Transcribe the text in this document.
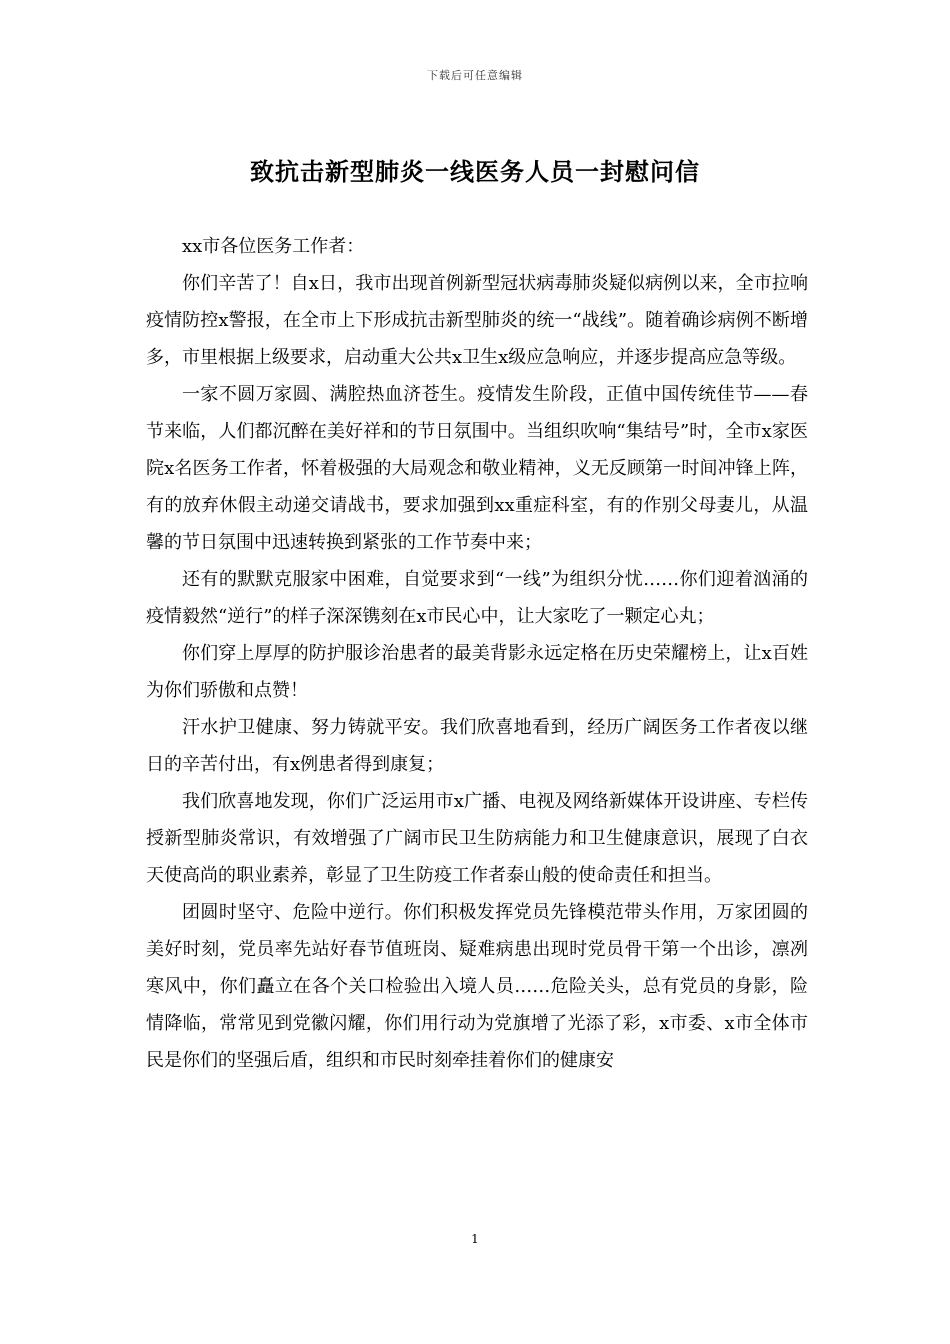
下载后可任意编辑
致抗击新型肺炎一线医务人员一封慰问信

xx市各位医务工作者：

你们辛苦了！自x日，我市出现首例新型冠状病毒肺炎疑似病例以来，全市拉响疫情防控x警报，在全市上下形成抗击新型肺炎的统一“战线”。随着确诊病例不断增多，市里根据上级要求，启动重大公共x卫生x级应急响应，并逐步提高应急等级。

一家不圆万家圆、满腔热血济苍生。疫情发生阶段，正值中国传统佳节——春节来临，人们都沉醉在美好祥和的节日氛围中。当组织吹响“集结号”时，全市x家医院x名医务工作者，怀着极强的大局观念和敬业精神，义无反顾第一时间冲锋上阵，有的放弃休假主动递交请战书，要求加强到xx重症科室，有的作别父母妻儿，从温馨的节日氛围中迅速转换到紧张的工作节奏中来；

还有的默默克服家中困难，自觉要求到“一线”为组织分忧……你们迎着汹涌的疫情毅然“逆行”的样子深深镌刻在x市民心中，让大家吃了一颗定心丸；

你们穿上厚厚的防护服诊治患者的最美背影永远定格在历史荣耀榜上，让x百姓为你们骄傲和点赞！

汗水护卫健康、努力铸就平安。我们欣喜地看到，经历广阔医务工作者夜以继日的辛苦付出，有x例患者得到康复；

我们欣喜地发现，你们广泛运用市x广播、电视及网络新媒体开设讲座、专栏传授新型肺炎常识，有效增强了广阔市民卫生防病能力和卫生健康意识，展现了白衣天使高尚的职业素养，彰显了卫生防疫工作者泰山般的使命责任和担当。

团圆时坚守、危险中逆行。你们积极发挥党员先锋模范带头作用，万家团圆的美好时刻，党员率先站好春节值班岗、疑难病患出现时党员骨干第一个出诊，凛冽寒风中，你们矗立在各个关口检验出入境人员……危险关头，总有党员的身影，险情降临，常常见到党徽闪耀，你们用行动为党旗增了光添了彩，x市委、x市全体市民是你们的坚强后盾，组织和市民时刻牵挂着你们的健康安

1
